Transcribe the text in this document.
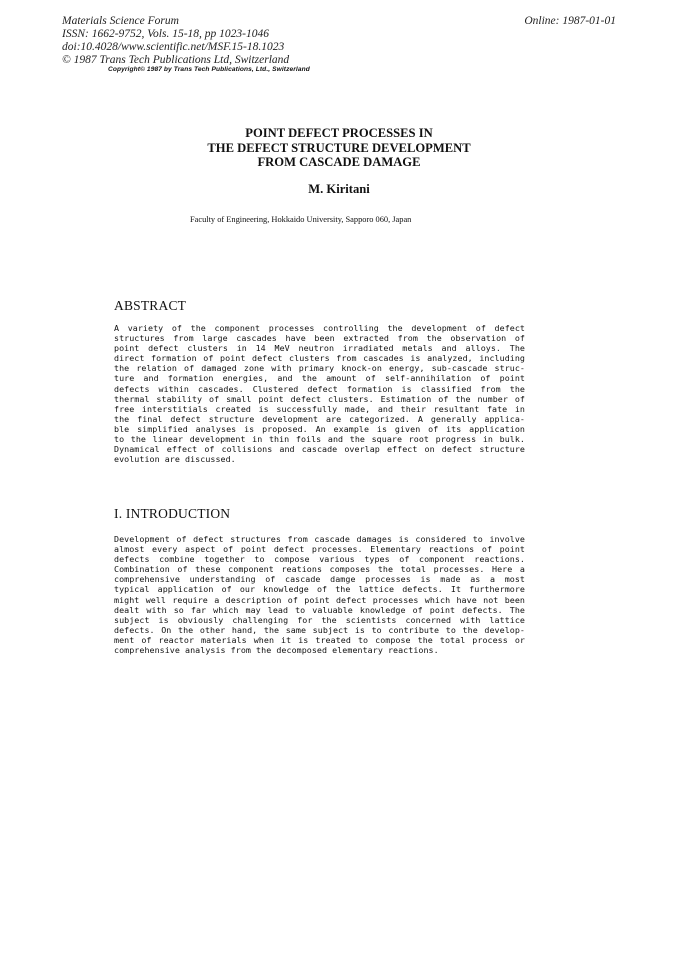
Materials Science Forum
ISSN: 1662-9752, Vols. 15-18, pp 1023-1046
doi:10.4028/www.scientific.net/MSF.15-18.1023
© 1987 Trans Tech Publications Ltd, Switzerland
Online: 1987-01-01
Copyright© 1987 by Trans Tech Publications, Ltd., Switzerland
POINT DEFECT PROCESSES IN
THE DEFECT STRUCTURE DEVELOPMENT
FROM CASCADE DAMAGE
M. Kiritani
Faculty of Engineering, Hokkaido University, Sapporo 060, Japan
ABSTRACT
A variety of the component processes controlling the development of defect
structures from large cascades have been extracted from the observation of
point defect clusters in 14 MeV neutron irradiated metals and alloys. The
direct formation of point defect clusters from cascades is analyzed, including
the relation of damaged zone with primary knock-on energy, sub-cascade struc-
ture and formation energies, and the amount of self-annihilation of point
defects within cascades. Clustered defect formation is classified from the
thermal stability of small point defect clusters. Estimation of the number of
free interstitials created is successfully made, and their resultant fate in
the final defect structure development are categorized. A generally applica-
ble simplified analyses is proposed. An example is given of its application
to the linear development in thin foils and the square root progress in bulk.
Dynamical effect of collisions and cascade overlap effect on defect structure
evolution are discussed.
I. INTRODUCTION
Development of defect structures from cascade damages is considered to involve
almost every aspect of point defect processes. Elementary reactions of point
defects combine together to compose various types of component reactions.
Combination of these component reations composes the total processes. Here a
comprehensive understanding of cascade damge processes is made as a most
typical application of our knowledge of the lattice defects. It furthermore
might well require a description of point defect processes which have not been
dealt with so far which may lead to valuable knowledge of point defects. The
subject is obviously challenging for the scientists concerned with lattice
defects. On the other hand, the same subject is to contribute to the develop-
ment of reactor materials when it is treated to compose the total process or
comprehensive analysis from the decomposed elementary reactions.
